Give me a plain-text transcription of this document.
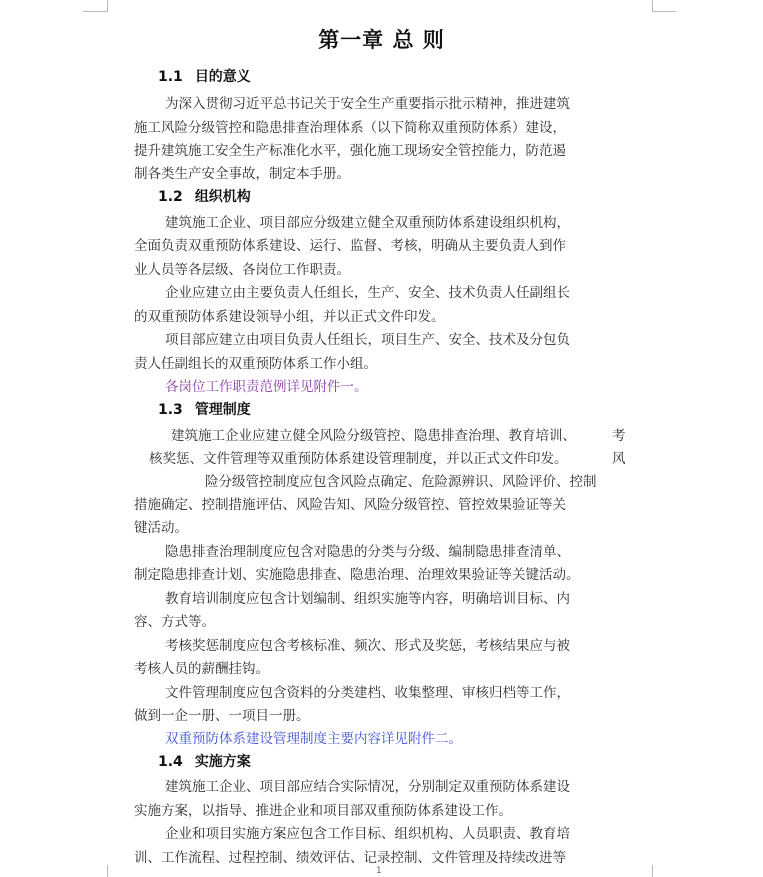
第一章 总 则
1.1 目的意义
为深入贯彻习近平总书记关于安全生产重要指示批示精神，推进建筑
施工风险分级管控和隐患排查治理体系（以下简称双重预防体系）建设，
提升建筑施工安全生产标准化水平，强化施工现场安全管控能力，防范遏
制各类生产安全事故，制定本手册。
1.2 组织机构
建筑施工企业、项目部应分级建立健全双重预防体系建设组织机构，
全面负责双重预防体系建设、运行、监督、考核，明确从主要负责人到作
业人员等各层级、各岗位工作职责。
企业应建立由主要负责人任组长，生产、安全、技术负责人任副组长
的双重预防体系建设领导小组，并以正式文件印发。
项目部应建立由项目负责人任组长，项目生产、安全、技术及分包负
责人任副组长的双重预防体系工作小组。
各岗位工作职责范例详见附件一。
1.3 管理制度
建筑施工企业应建立健全风险分级管控、隐患排查治理、教育培训、	考
核奖惩、文件管理等双重预防体系建设管理制度，并以正式文件印发。	风
险分级管控制度应包含风险点确定、危险源辨识、风险评价、控制
措施确定、控制措施评估、风险告知、风险分级管控、管控效果验证等关
键活动。
隐患排查治理制度应包含对隐患的分类与分级、编制隐患排查清单、
制定隐患排查计划、实施隐患排查、隐患治理、治理效果验证等关键活动。
教育培训制度应包含计划编制、组织实施等内容，明确培训目标、内
容、方式等。
考核奖惩制度应包含考核标准、频次、形式及奖惩，考核结果应与被
考核人员的薪酬挂钩。
文件管理制度应包含资料的分类建档、收集整理、审核归档等工作，
做到一企一册、一项目一册。
双重预防体系建设管理制度主要内容详见附件二。
1.4 实施方案
建筑施工企业、项目部应结合实际情况，分别制定双重预防体系建设
实施方案，以指导、推进企业和项目部双重预防体系建设工作。
企业和项目实施方案应包含工作目标、组织机构、人员职责、教育培
训、工作流程、过程控制、绩效评估、记录控制、文件管理及持续改进等
1
